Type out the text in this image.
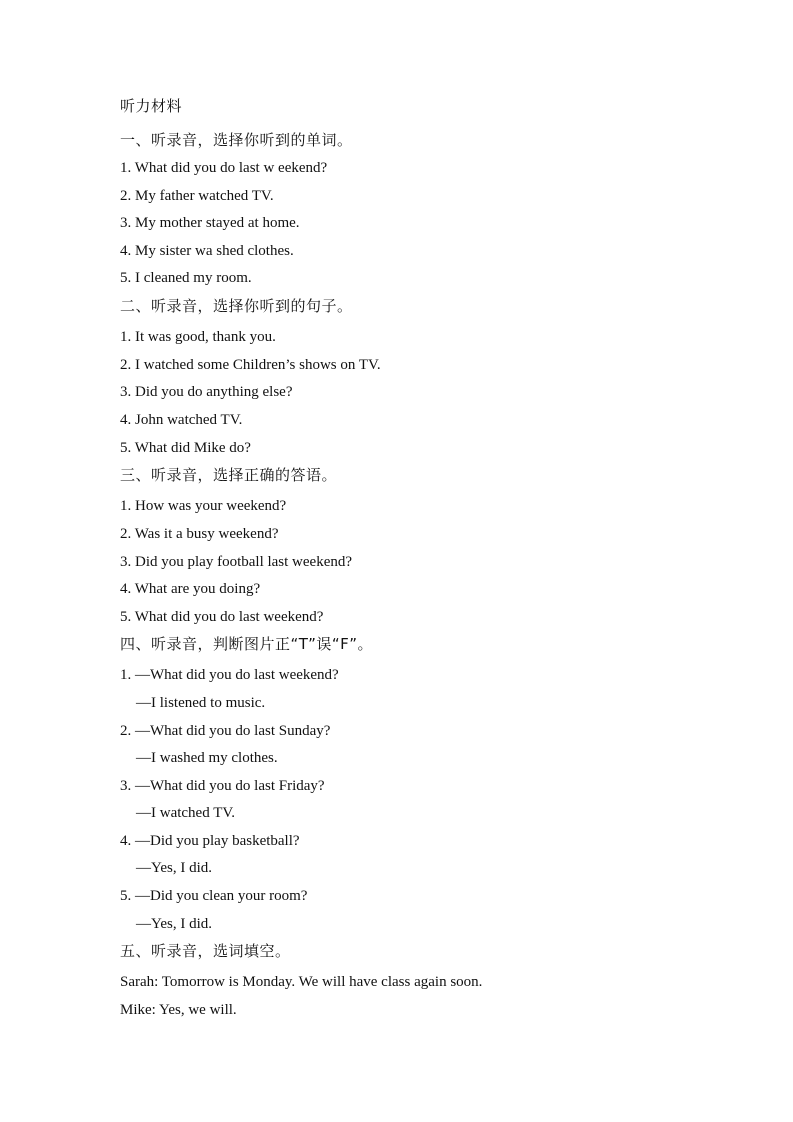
听力材料
一、听录音，选择你听到的单词。
1. What did you do last w eekend?
2. My father watched TV.
3. My mother stayed at home.
4. My sister wa shed clothes.
5. I cleaned my room.
二、听录音，选择你听到的句子。
1. It was good, thank you.
2. I watched some Children’s shows on TV.
3. Did you do anything else?
4. John watched TV.
5. What did Mike do?
三、听录音，选择正确的答语。
1. How was your weekend?
2. Was it a busy weekend?
3. Did you play football last weekend?
4. What are you doing?
5. What did you do last weekend?
四、听录音，判断图片正“T”误“F”。
1. —What did you do last weekend?
—I listened to music.
2. —What did you do last Sunday?
—I washed my clothes.
3. —What did you do last Friday?
—I watched TV.
4. —Did you play basketball?
—Yes, I did.
5. —Did you clean your room?
—Yes, I did.
五、听录音，选词填空。
Sarah: Tomorrow is Monday. We will have class again soon.
Mike: Yes, we will.
